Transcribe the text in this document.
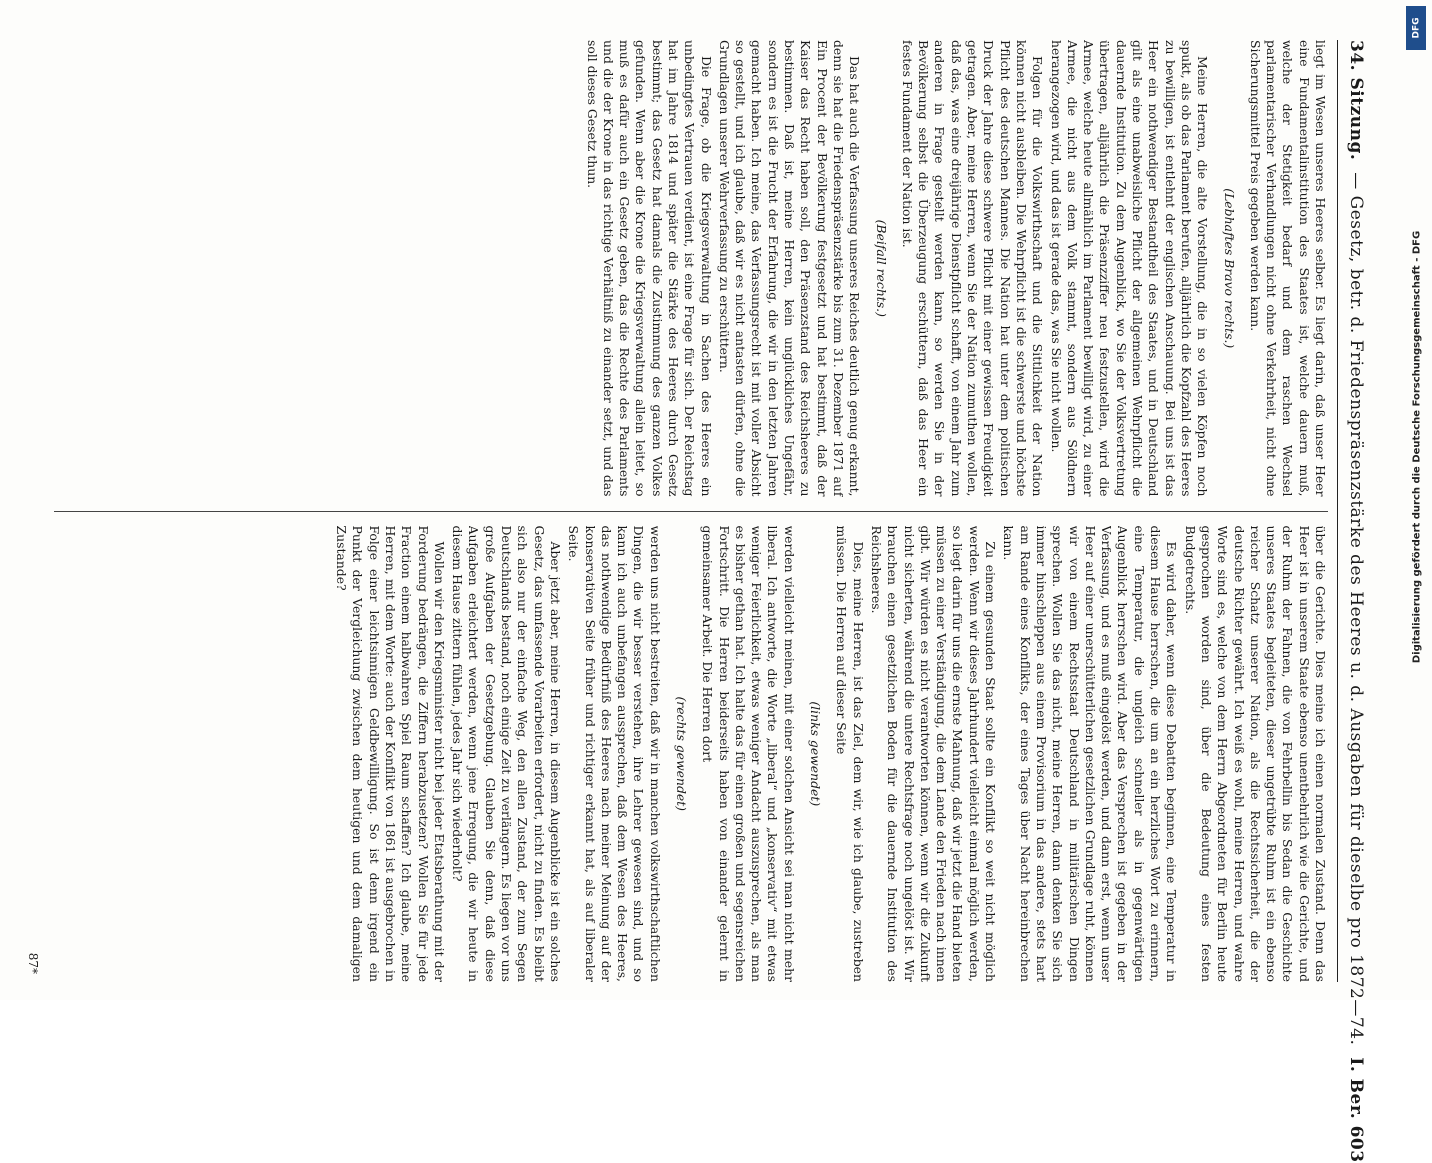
34. Sitzung.
— Gesetz, betr. d. Friedenspräsenzstärke des Heeres u. d. Ausgaben für dieselbe pro 1872—74.
I. Ber. 603

liegt im Wesen unseres Heeres selber. Es liegt darin, daß unser Heer eine Fundamentalinstitution des Staates ist, welche dauern muß, welche der Stetigkeit bedarf und dem raschen Wechsel parlamentarischer Verhandlungen nicht ohne Verkehrheit, nicht ohne Sicherungsmittel Preis gegeben werden kann.

(Lebhaftes Bravo rechts.)

Meine Herren, die alte Vorstellung, die in so vielen Köpfen noch spukt, als ob das Parlament berufen, alljährlich die Kopfzahl des Heeres zu bewilligen, ist entlehnt der englischen Anschauung. Bei uns ist das Heer ein nothwendiger Bestandtheil des Staates, und in Deutschland gilt als eine unabweisliche Pflicht der allgemeinen Wehrpflicht die dauernde Institution. Zu dem Augenblick, wo Sie der Volksvertretung übertragen, alljährlich die Präsenzziffer neu festzustellen, wird die Armee, welche heute allmählich im Parlament bewilligt wird, zu einer Armee, die nicht aus dem Volk stammt, sondern aus Söldnern herangezogen wird, und das ist gerade das, was Sie nicht wollen.

Folgen für die Volkswirthschaft und die Sittlichkeit der Nation können nicht ausbleiben. Die Wehrpflicht ist die schwerste und höchste Pflicht des deutschen Mannes. Die Nation hat unter dem politischen Druck der Jahre diese schwere Pflicht mit einer gewissen Freudigkeit getragen. Aber, meine Herren, wenn Sie der Nation zumuthen wollen, daß das, was eine dreijährige Dienstpflicht schafft, von einem Jahr zum anderen in Frage gestellt werden kann, so werden Sie in der Bevölkerung selbst die Überzeugung erschüttern, daß das Heer ein festes Fundament der Nation ist.

(Beifall rechts.)

Das hat auch die Verfassung unseres Reiches deutlich genug erkannt, denn sie hat die Friedenspräsenzstärke bis zum 31. Dezember 1871 auf Ein Procent der Bevölkerung festgesetzt und hat bestimmt, daß der Kaiser das Recht haben soll, den Präsenzstand des Reichsheeres zu bestimmen. Daß ist, meine Herren, kein unglückliches Ungefähr, sondern es ist die Frucht der Erfahrung, die wir in den letzten Jahren gemacht haben. Ich meine, das Verfassungsrecht ist mit voller Absicht so gestellt, und ich glaube, daß wir es nicht antasten dürfen, ohne die Grundlagen unserer Wehrverfassung zu erschüttern.

Die Frage, ob die Kriegsverwaltung in Sachen des Heeres ein unbedingtes Vertrauen verdient, ist eine Frage für sich. Der Reichstag hat im Jahre 1814 und später die Stärke des Heeres durch Gesetz bestimmt; das Gesetz hat damals die Zustimmung des ganzen Volkes gefunden. Wenn aber die Krone die Kriegsverwaltung allein leitet, so muß es dafür auch ein Gesetz geben, das die Rechte des Parlaments und die der Krone in das richtige Verhältniß zu einander setzt, und das soll dieses Gesetz thun.

über die Gerichte. Dies meine ich einen normalen Zustand. Denn das Heer ist in unserem Staate ebenso unentbehrlich wie die Gerichte, und der Ruhm der Fahnen, die von Fehrbellin bis Sedan die Geschichte unseres Staates begleiteten, dieser ungetrübte Ruhm ist ein ebenso reicher Schatz unserer Nation, als die Rechtssicherheit, die der deutsche Richter gewährt. Ich weiß es wohl, meine Herren, und wahre Worte sind es, welche von dem Herrn Abgeordneten für Berlin heute gesprochen worden sind, über die Bedeutung eines festen Budgetrechts.

Es wird daher, wenn diese Debatten beginnen, eine Temperatur in diesem Hause herrschen, die um an ein herzliches Wort zu erinnern, eine Temperatur, die ungleich schneller als in gegenwärtigen Augenblick herrschen wird. Aber das Versprechen ist gegeben in der Verfassung, und es muß eingelöst werden, und dann erst, wenn unser Heer auf einer unerschütterlichen gesetzlichen Grundlage ruht, können wir von einem Rechtsstaat Deutschland in militärischen Dingen sprechen. Wollen Sie das nicht, meine Herren, dann denken Sie sich immer hinschleppen aus einem Provisorium in das andere, stets hart am Rande eines Konflikts, der eines Tages über Nacht hereinbrechen kann.

Zu einem gesunden Staat sollte ein Konflikt so weit nicht möglich werden. Wenn wir dieses Jahrhundert vielleicht einmal möglich werden, so liegt darin für uns die ernste Mahnung, daß wir jetzt die Hand bieten müssen zu einer Verständigung, die dem Lande den Frieden nach innen gibt. Wir würden es nicht verantworten können, wenn wir die Zukunft nicht sicherten, während die untere Rechtsfrage noch ungelöst ist. Wir brauchen einen gesetzlichen Boden für die dauernde Institution des Reichsheeres.

Dies, meine Herren, ist das Ziel, dem wir, wie ich glaube, zustreben müssen. Die Herren auf dieser Seite

(links gewendet)

werden vielleicht meinen, mit einer solchen Ansicht sei man nicht mehr liberal. Ich antworte, die Worte „liberal“ und „konservativ“ mit etwas weniger Feierlichkeit, etwas weniger Andacht auszusprechen, als man es bisher gethan hat. Ich halte das für einen großen und segensreichen Fortschritt. Die Herren beiderseits haben von einander gelernt in gemeinsamer Arbeit. Die Herren dort

(rechts gewendet)

werden uns nicht bestreiten, daß wir in manchen volkswirthschaftlichen Dingen, die wir besser verstehen, ihre Lehrer gewesen sind, und so kann ich auch unbefangen aussprechen, daß dem Wesen des Heeres, das nothwendige Bedürfniß des Heeres nach meiner Meinung auf der konservativen Seite früher und richtiger erkannt hat, als auf liberaler Seite.

Aber jetzt aber, meine Herren, in diesem Augenblicke ist ein solches Gesetz, das umfassende Vorarbeiten erfordert, nicht zu finden. Es bleibt sich also nur der einfache Weg, den allen Zustand, der zum Segen Deutschlands bestand, noch einige Zeit zu verlängern. Es liegen vor uns große Aufgaben der Gesetzgebung. Glauben Sie denn, daß diese Aufgaben erleichtert werden, wenn jene Erregung, die wir heute in diesem Hause zittern fühlen, jedes Jahr sich wiederholt?

Wollen wir den Kriegsminister nicht bei jeder Etatsberathung mit der Forderung bedrängen, die Ziffern herabzusetzen? Wollen Sie für jede Fraction einem halbwahren Spiel Raum schaffen? Ich glaube, meine Herren, mit dem Worte: auch der Konflikt von 1861 ist ausgebrochen in Folge einer leichtsinnigen Geldbewilligung. So ist denn irgend ein Punkt der Vergleichung zwischen dem heutigen und dem damaligen Zustande?

87*
Digitalisierung gefördert durch die Deutsche Forschungsgemeinschaft - DFG
DFG
